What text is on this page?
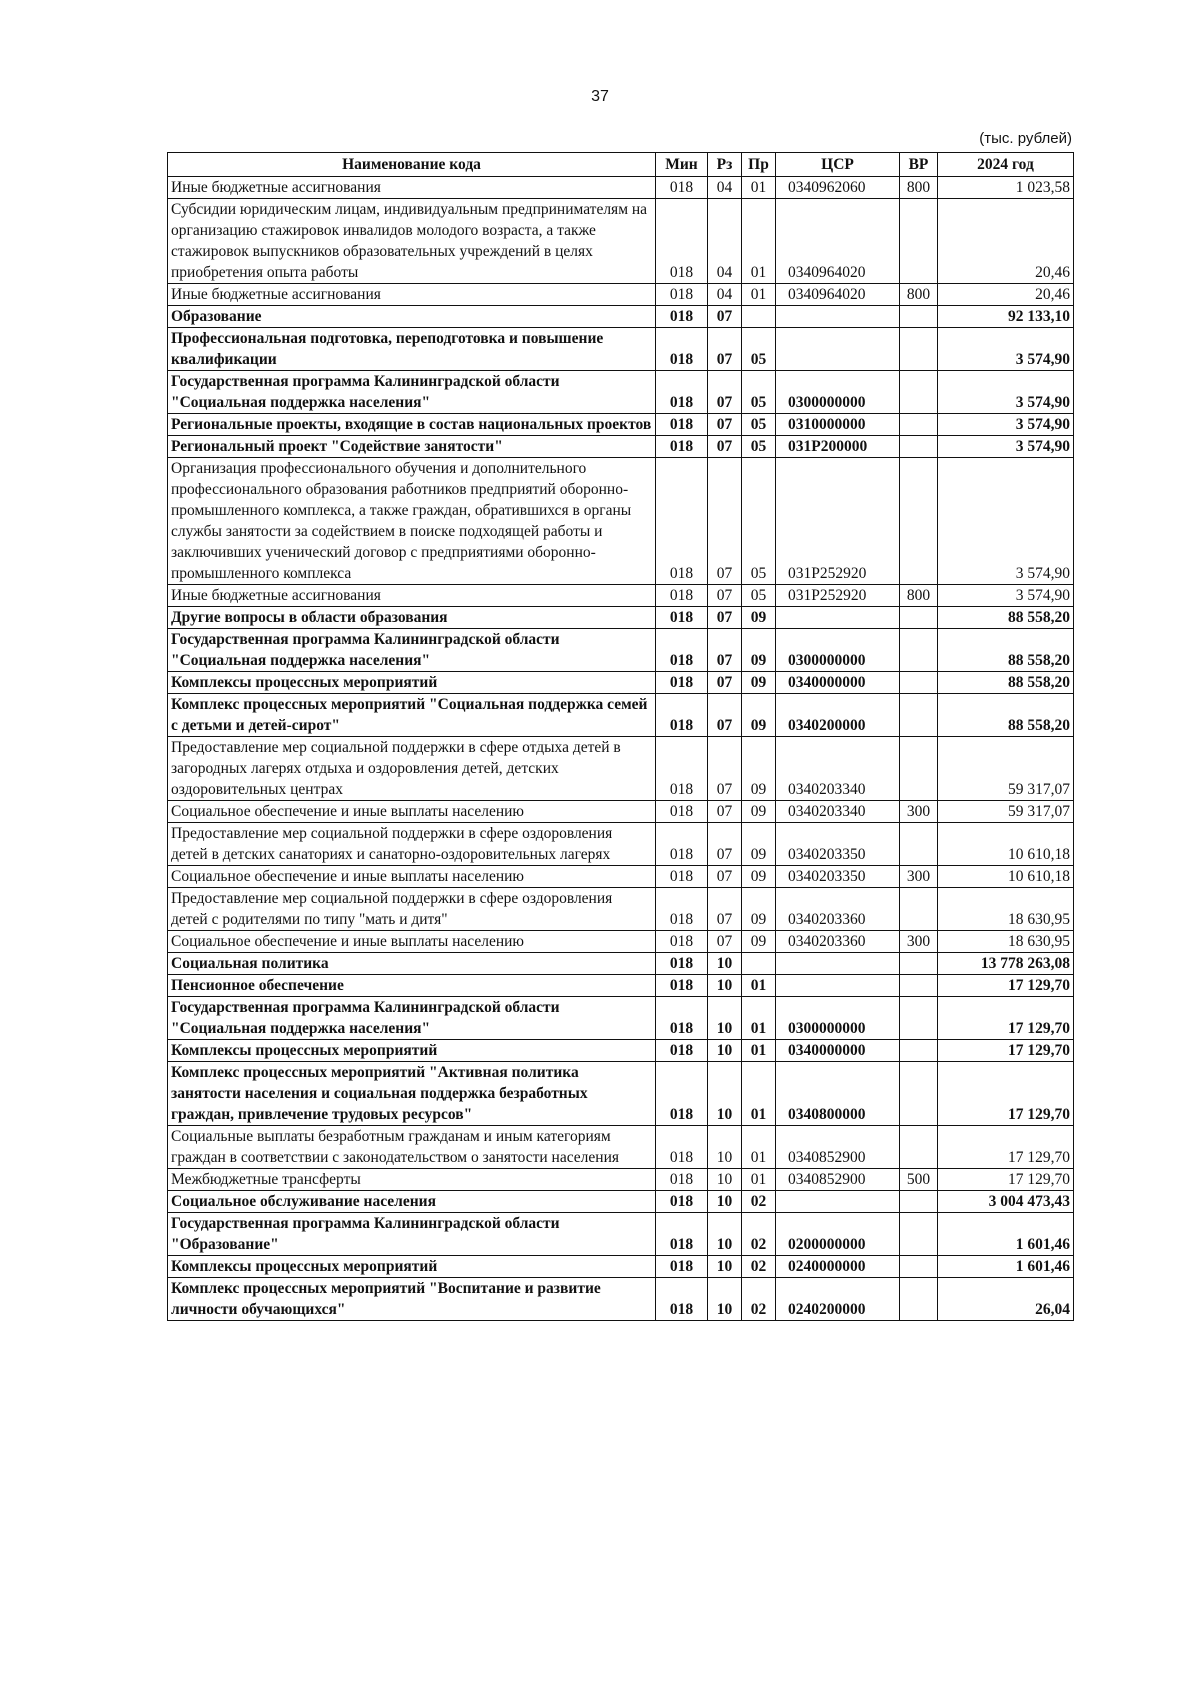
37
(тыс. рублей)
Наименование кода	Мин	Рз	Пр	ЦСР	ВР	2024 год
Иные бюджетные ассигнования	018	04	01	0340962060	800	1 023,58
Субсидии юридическим лицам, индивидуальным предпринимателям на организацию стажировок инвалидов молодого возраста, а также стажировок выпускников образовательных учреждений в целях приобретения опыта работы	018	04	01	0340964020		20,46
Иные бюджетные ассигнования	018	04	01	0340964020	800	20,46
Образование	018	07				92 133,10
Профессиональная подготовка, переподготовка и повышение квалификации	018	07	05			3 574,90
Государственная программа Калининградской области "Социальная поддержка населения"	018	07	05	0300000000		3 574,90
Региональные проекты, входящие в состав национальных проектов	018	07	05	0310000000		3 574,90
Региональный проект "Содействие занятости"	018	07	05	031Р200000		3 574,90
Организация профессионального обучения и дополнительного профессионального образования работников предприятий оборонно-промышленного комплекса, а также граждан, обратившихся в органы службы занятости за содействием в поиске подходящей работы и заключивших ученический договор с предприятиями оборонно-промышленного комплекса	018	07	05	031Р252920		3 574,90
Иные бюджетные ассигнования	018	07	05	031Р252920	800	3 574,90
Другие вопросы в области образования	018	07	09			88 558,20
Государственная программа Калининградской области "Социальная поддержка населения"	018	07	09	0300000000		88 558,20
Комплексы процессных мероприятий	018	07	09	0340000000		88 558,20
Комплекс процессных мероприятий "Социальная поддержка семей с детьми и детей-сирот"	018	07	09	0340200000		88 558,20
Предоставление мер социальной поддержки в сфере отдыха детей в загородных лагерях отдыха и оздоровления детей, детских оздоровительных центрах	018	07	09	0340203340		59 317,07
Социальное обеспечение и иные выплаты населению	018	07	09	0340203340	300	59 317,07
Предоставление мер социальной поддержки в сфере оздоровления детей в детских санаториях и санаторно-оздоровительных лагерях	018	07	09	0340203350		10 610,18
Социальное обеспечение и иные выплаты населению	018	07	09	0340203350	300	10 610,18
Предоставление мер социальной поддержки в сфере оздоровления детей с родителями по типу "мать и дитя"	018	07	09	0340203360		18 630,95
Социальное обеспечение и иные выплаты населению	018	07	09	0340203360	300	18 630,95
Социальная политика	018	10				13 778 263,08
Пенсионное обеспечение	018	10	01			17 129,70
Государственная программа Калининградской области "Социальная поддержка населения"	018	10	01	0300000000		17 129,70
Комплексы процессных мероприятий	018	10	01	0340000000		17 129,70
Комплекс процессных мероприятий "Активная политика занятости населения и социальная поддержка безработных граждан, привлечение трудовых ресурсов"	018	10	01	0340800000		17 129,70
Социальные выплаты безработным гражданам и иным категориям граждан в соответствии с законодательством о занятости населения	018	10	01	0340852900		17 129,70
Межбюджетные трансферты	018	10	01	0340852900	500	17 129,70
Социальное обслуживание населения	018	10	02			3 004 473,43
Государственная программа Калининградской области "Образование"	018	10	02	0200000000		1 601,46
Комплексы процессных мероприятий	018	10	02	0240000000		1 601,46
Комплекс процессных мероприятий "Воспитание и развитие личности обучающихся"	018	10	02	0240200000		26,04
